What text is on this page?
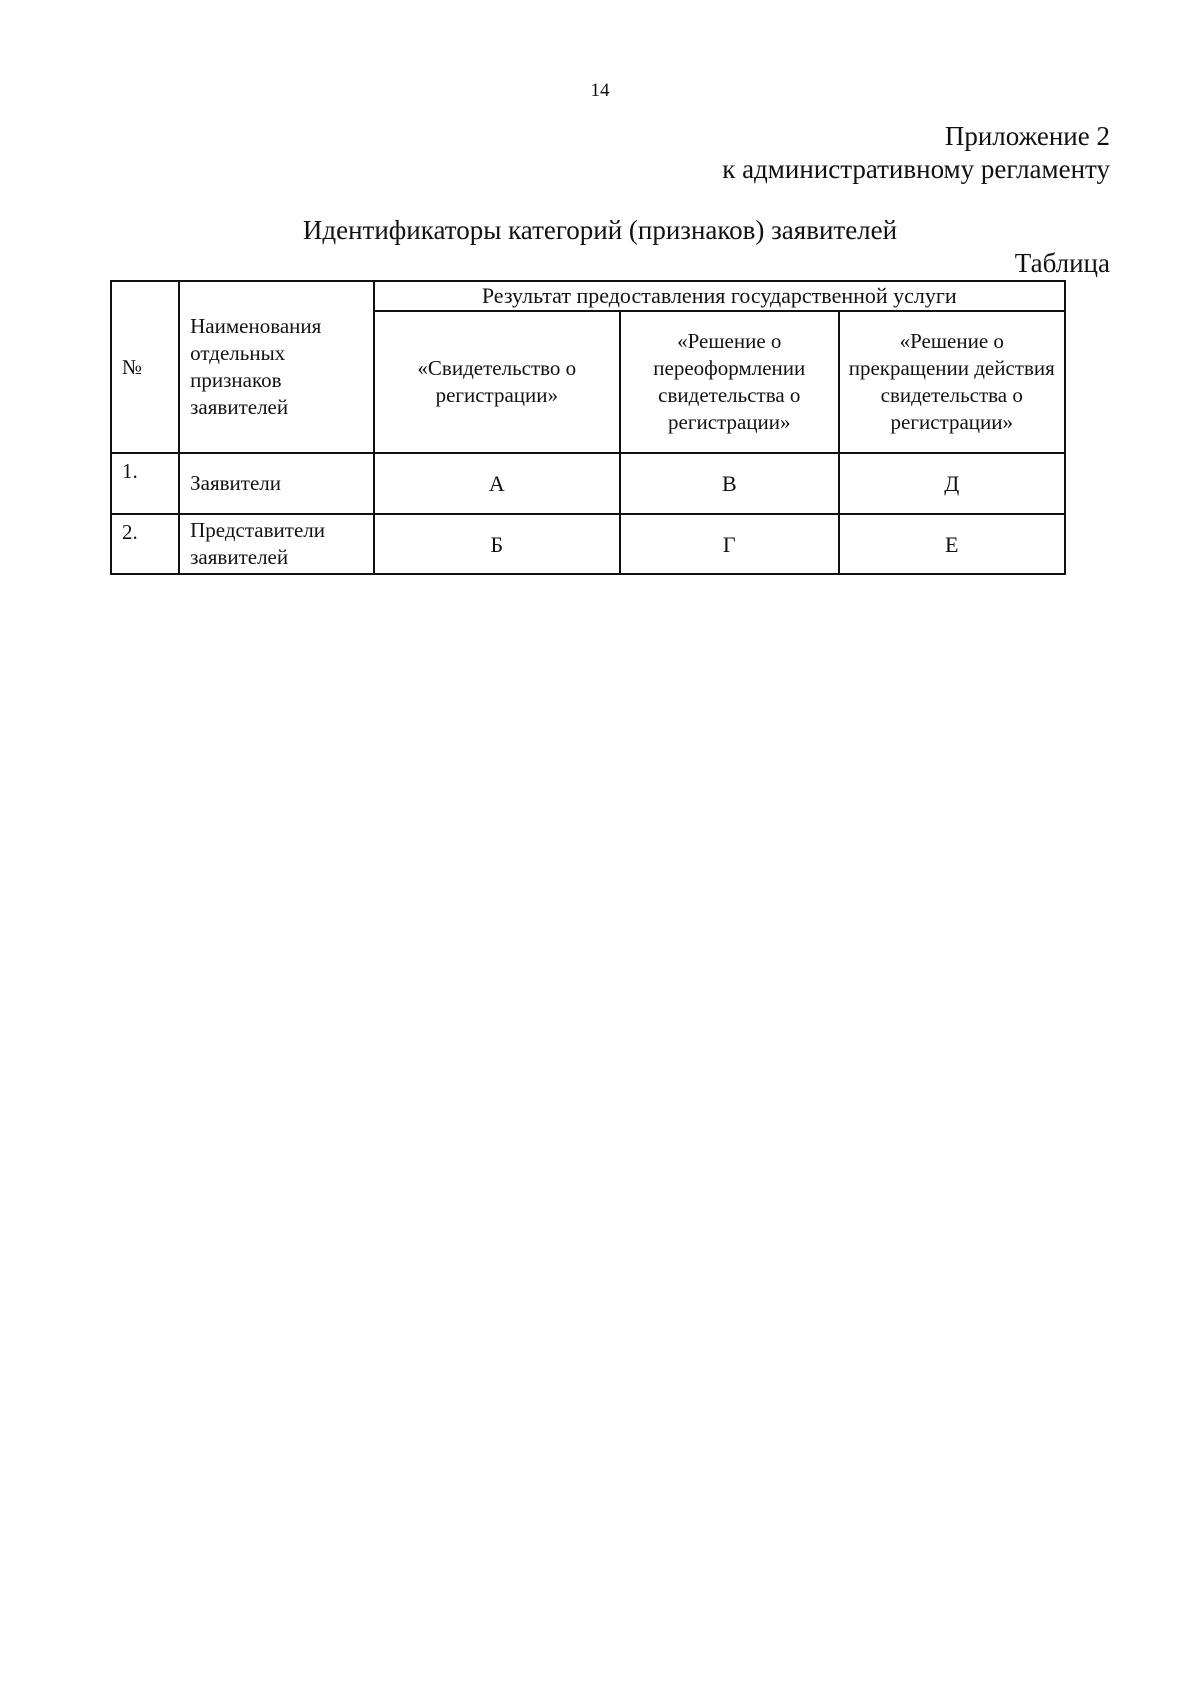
14
Приложение 2
к административному регламенту
Идентификаторы категорий (признаков) заявителей
Таблица
№	Наименования отдельных признаков заявителей	Результат предоставления государственной услуги		
		«Свидетельство о регистрации»	«Решение о переоформлении свидетельства о регистрации»	«Решение о прекращении действия свидетельства о регистрации»
1.	Заявители	А	В	Д
2.	Представители заявителей	Б	Г	Е
